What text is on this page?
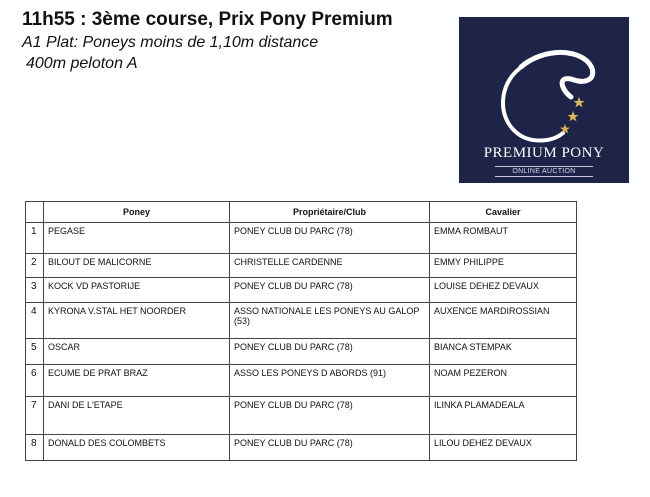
11h55 : 3ème course, Prix Pony Premium

A1 Plat: Poneys moins de 1,10m distance

400m peloton A

PREMIUM PONY
ONLINE AUCTION
	Poney	Propriétaire/Club	Cavalier
1	PEGASE	PONEY CLUB DU PARC (78)	EMMA ROMBAUT
2	BILOUT DE MALICORNE	CHRISTELLE CARDENNE	EMMY PHILIPPE
3	KOCK VD PASTORIJE	PONEY CLUB DU PARC (78)	LOUISE DEHEZ DEVAUX
4	KYRONA V.STAL HET NOORDER	ASSO NATIONALE LES PONEYS AU GALOP (53)	AUXENCE MARDIROSSIAN
5	OSCAR	PONEY CLUB DU PARC (78)	BIANCA STEMPAK
6	ECUME DE PRAT BRAZ	ASSO LES PONEYS D ABORDS (91)	NOAM PEZERON
7	DANI DE L'ETAPE	PONEY CLUB DU PARC (78)	ILINKA PLAMADEALA
8	DONALD DES COLOMBETS	PONEY CLUB DU PARC (78)	LILOU DEHEZ DEVAUX
